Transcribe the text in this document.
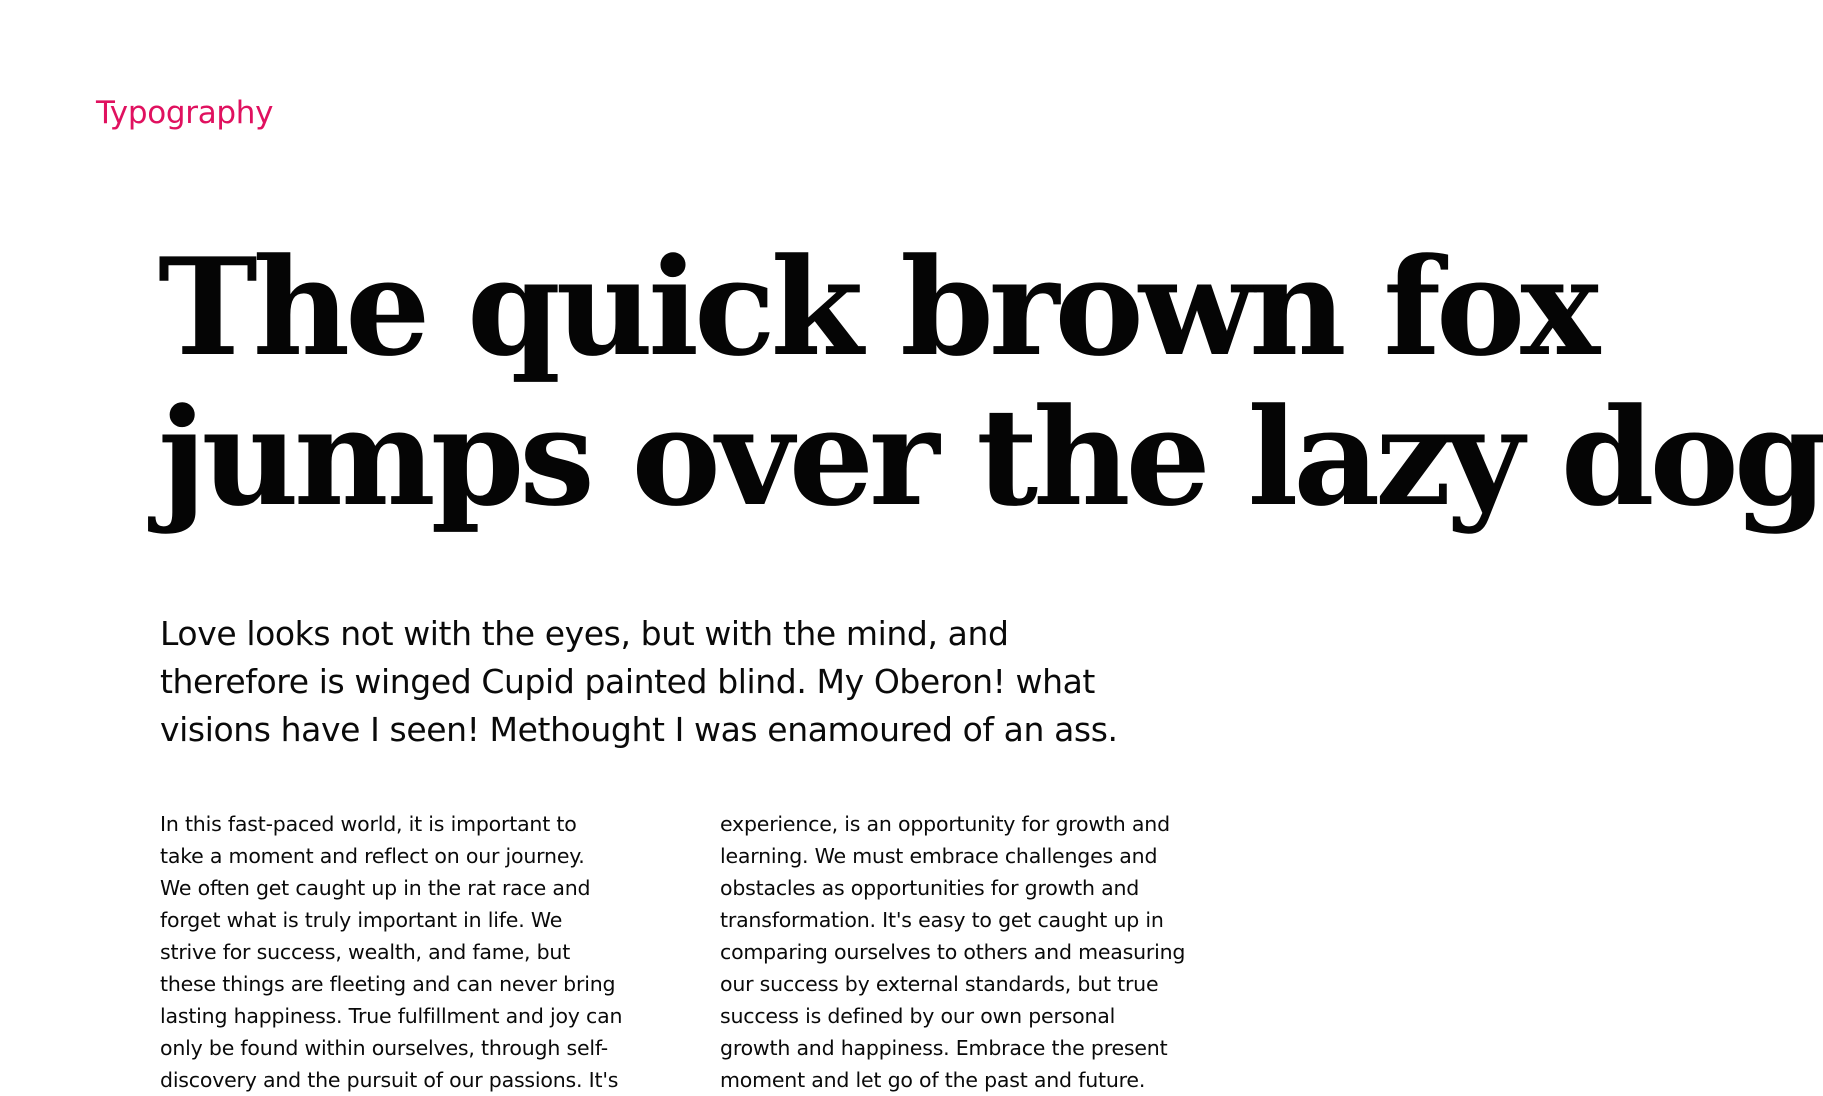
Typography
The quick brown fox
jumps over the lazy dog
Love looks not with the eyes, but with the mind, and
therefore is winged Cupid painted blind. My Oberon! what
visions have I seen! Methought I was enamoured of an ass.
In this fast-paced world, it is important to
take a moment and reflect on our journey.
We often get caught up in the rat race and
forget what is truly important in life. We
strive for success, wealth, and fame, but
these things are fleeting and can never bring
lasting happiness. True fulfillment and joy can
only be found within ourselves, through self-
discovery and the pursuit of our passions. It's
experience, is an opportunity for growth and
learning. We must embrace challenges and
obstacles as opportunities for growth and
transformation. It's easy to get caught up in
comparing ourselves to others and measuring
our success by external standards, but true
success is defined by our own personal
growth and happiness. Embrace the present
moment and let go of the past and future.
